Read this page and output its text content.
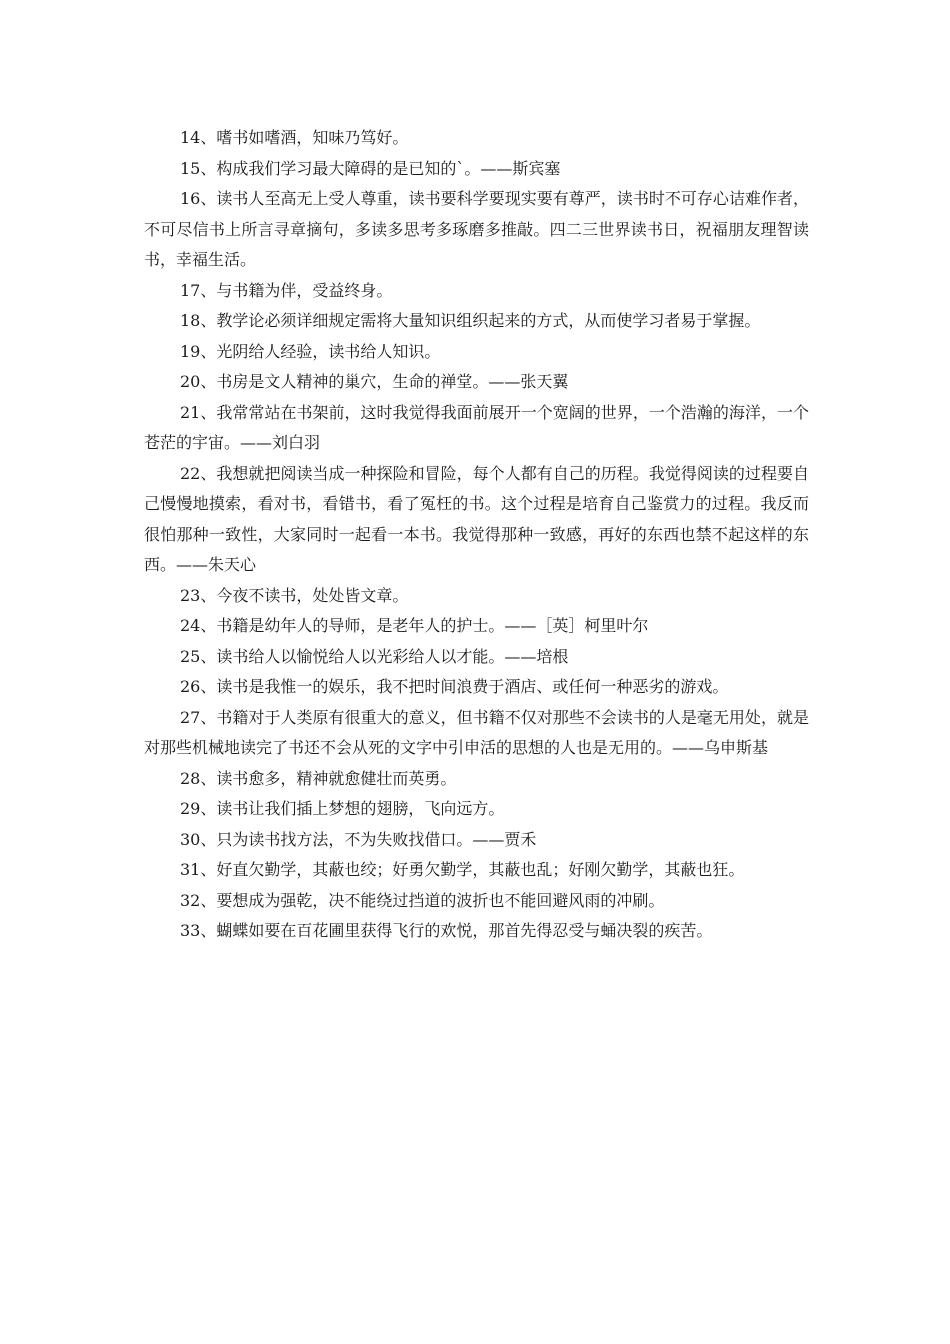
14、嗜书如嗜酒，知味乃笃好。

15、构成我们学习最大障碍的是已知的`。——斯宾塞

16、读书人至高无上受人尊重，读书要科学要现实要有尊严，读书时不可存心诘难作者，不可尽信书上所言寻章摘句，多读多思考多琢磨多推敲。四二三世界读书日，祝福朋友理智读书，幸福生活。

17、与书籍为伴，受益终身。

18、教学论必须详细规定需将大量知识组织起来的方式，从而使学习者易于掌握。

19、光阴给人经验，读书给人知识。

20、书房是文人精神的巢穴，生命的禅堂。——张天翼

21、我常常站在书架前，这时我觉得我面前展开一个宽阔的世界，一个浩瀚的海洋，一个苍茫的宇宙。——刘白羽

22、我想就把阅读当成一种探险和冒险，每个人都有自己的历程。我觉得阅读的过程要自己慢慢地摸索，看对书，看错书，看了冤枉的书。这个过程是培育自己鉴赏力的过程。我反而很怕那种一致性，大家同时一起看一本书。我觉得那种一致感，再好的东西也禁不起这样的东西。——朱天心

23、今夜不读书，处处皆文章。

24、书籍是幼年人的导师，是老年人的护士。——［英］柯里叶尔

25、读书给人以愉悦给人以光彩给人以才能。——培根

26、读书是我惟一的娱乐，我不把时间浪费于酒店、或任何一种恶劣的游戏。

27、书籍对于人类原有很重大的意义，但书籍不仅对那些不会读书的人是毫无用处，就是对那些机械地读完了书还不会从死的文字中引申活的思想的人也是无用的。——乌申斯基

28、读书愈多，精神就愈健壮而英勇。

29、读书让我们插上梦想的翅膀，飞向远方。

30、只为读书找方法，不为失败找借口。——贾禾

31、好直欠勤学，其蔽也绞；好勇欠勤学，其蔽也乱；好刚欠勤学，其蔽也狂。

32、要想成为强乾，决不能绕过挡道的波折也不能回避风雨的冲刷。

33、蝴蝶如要在百花圃里获得飞行的欢悦，那首先得忍受与蛹决裂的疾苦。
